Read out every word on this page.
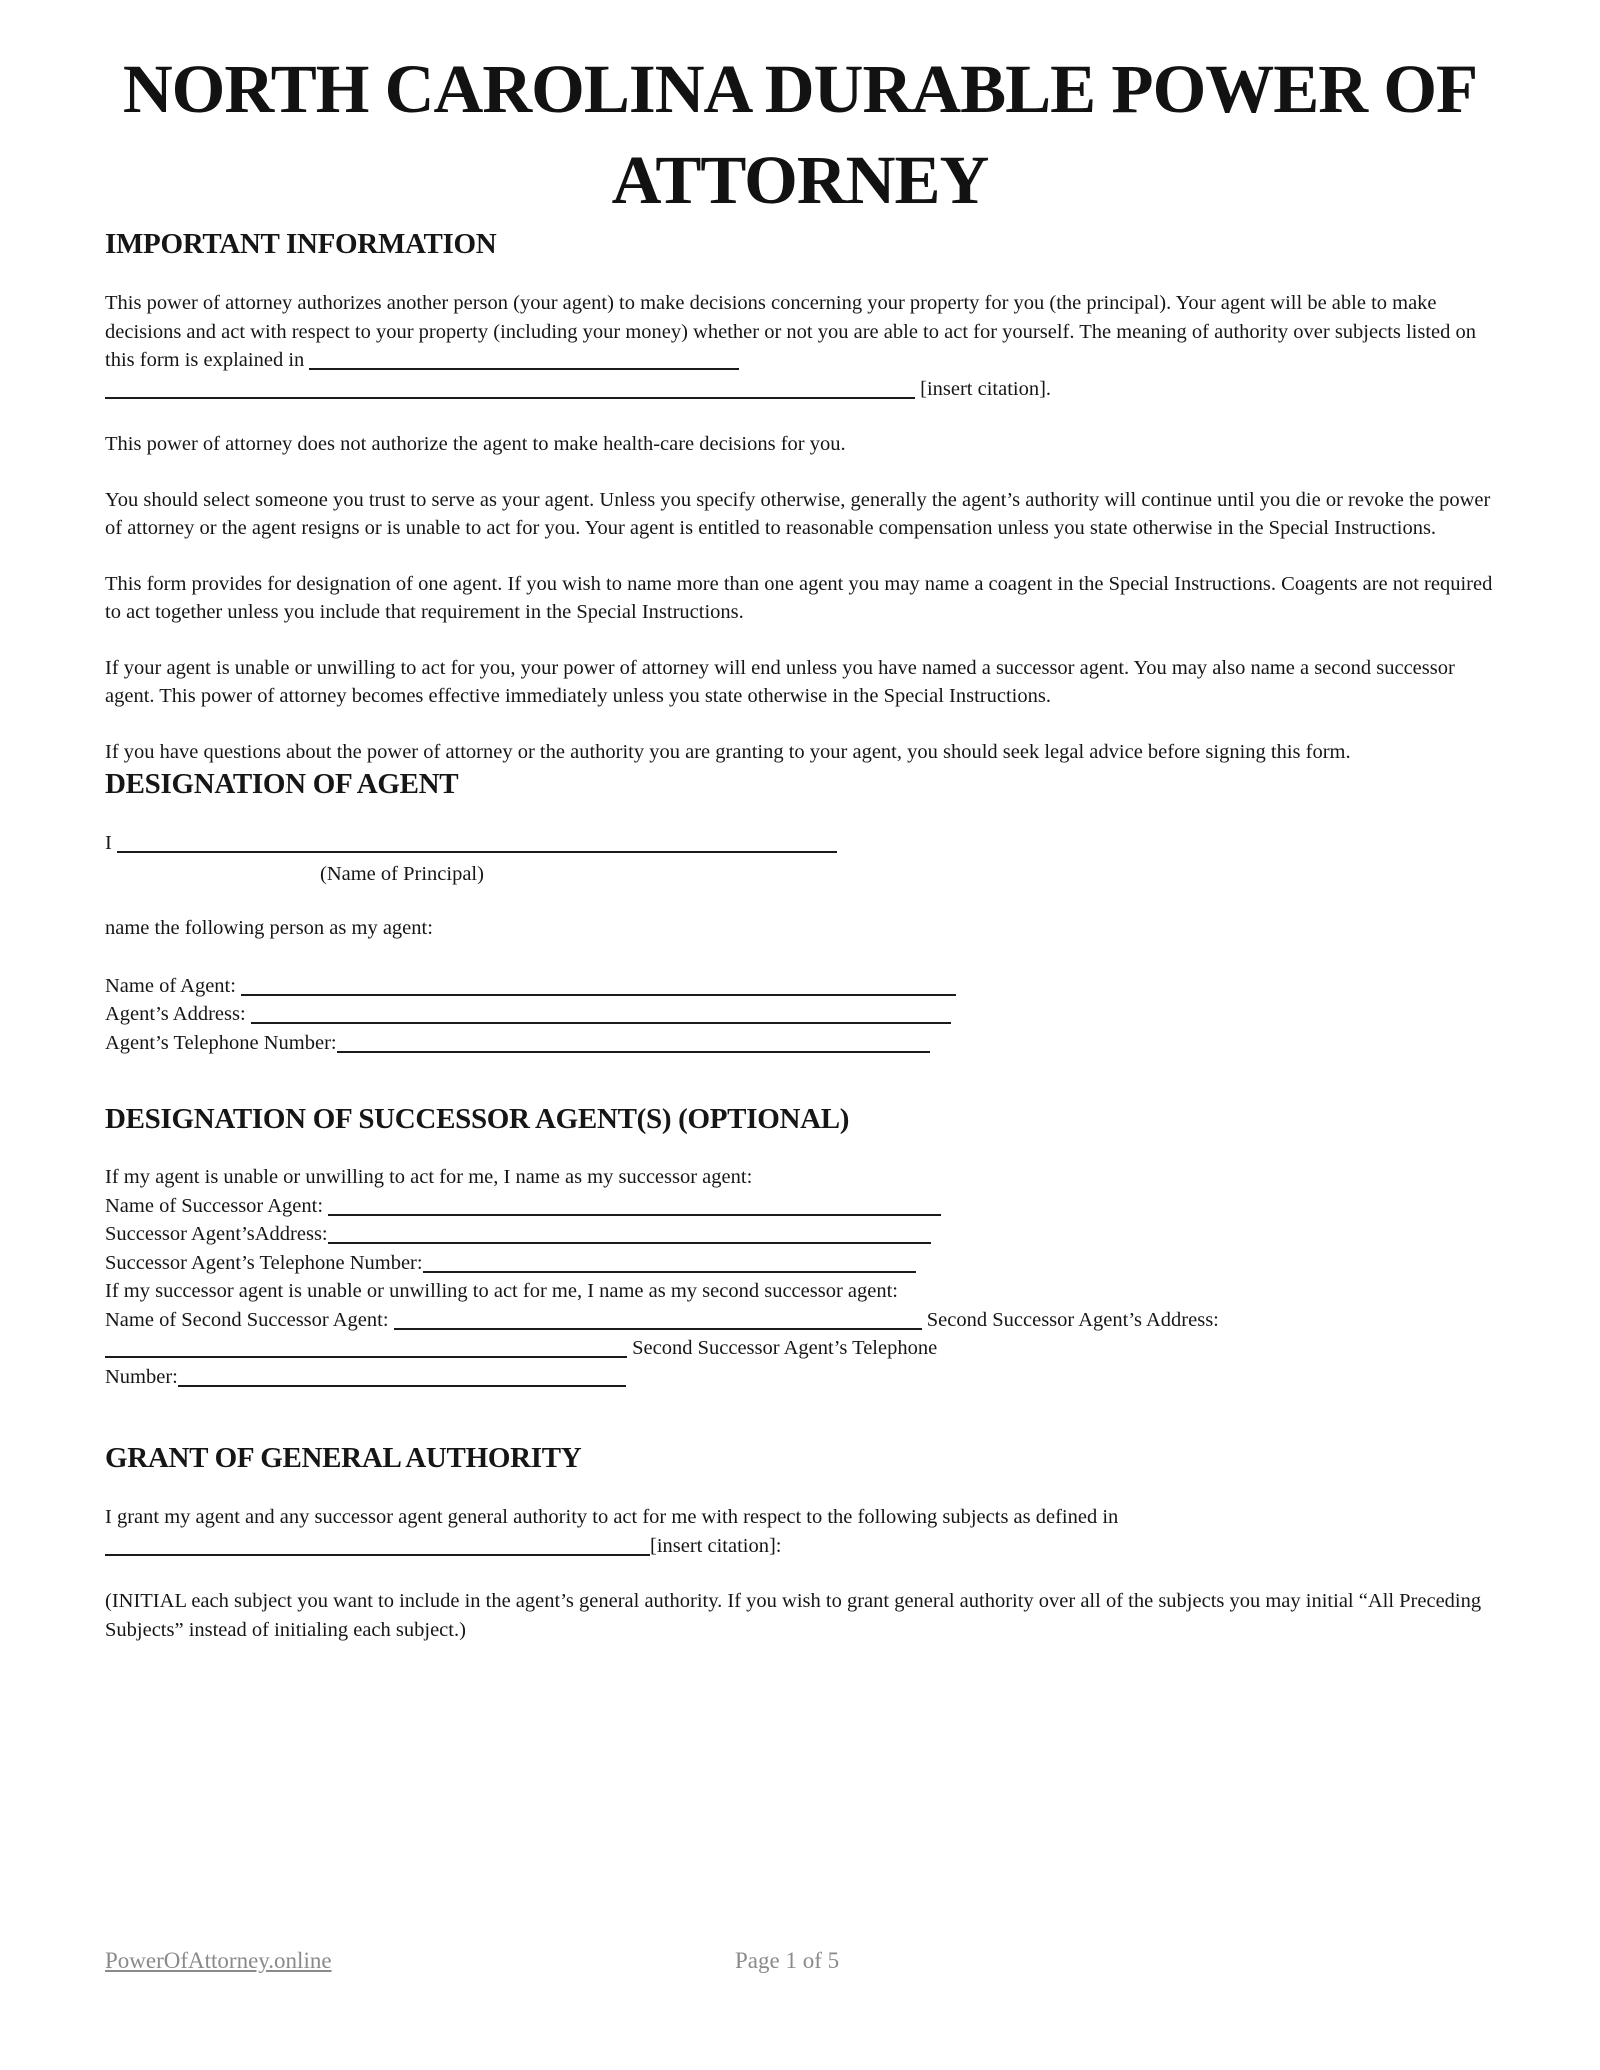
NORTH CAROLINA DURABLE POWER OF
ATTORNEY
IMPORTANT INFORMATION

This power of attorney authorizes another person (your agent) to make decisions concerning your property for you (the principal). Your agent will be able to make decisions and act with respect to your property (including your money) whether or not you are able to act for yourself. The meaning of authority over subjects listed on this form is explained in
[insert citation].

This power of attorney does not authorize the agent to make health-care decisions for you.

You should select someone you trust to serve as your agent. Unless you specify otherwise, generally the agent’s authority will continue until you die or revoke the power of attorney or the agent resigns or is unable to act for you. Your agent is entitled to reasonable compensation unless you state otherwise in the Special Instructions.

This form provides for designation of one agent. If you wish to name more than one agent you may name a coagent in the Special Instructions. Coagents are not required to act together unless you include that requirement in the Special Instructions.

If your agent is unable or unwilling to act for you, your power of attorney will end unless you have named a successor agent. You may also name a second successor agent. This power of attorney becomes effective immediately unless you state otherwise in the Special Instructions.

If you have questions about the power of attorney or the authority you are granting to your agent, you should seek legal advice before signing this form.

DESIGNATION OF AGENT
I
(Name of Principal)

name the following person as my agent:

Name of Agent:
Agent’s Address:
Agent’s Telephone Number:
DESIGNATION OF SUCCESSOR AGENT(S) (OPTIONAL)
If my agent is unable or unwilling to act for me, I name as my successor agent:
Name of Successor Agent:
Successor Agent’sAddress:
Successor Agent’s Telephone Number:
If my successor agent is unable or unwilling to act for me, I name as my second successor agent:
Name of Second Successor Agent:	Second Successor Agent’s Address:
Second Successor Agent’s Telephone
Number:
GRANT OF GENERAL AUTHORITY

I grant my agent and any successor agent general authority to act for me with respect to the following subjects as defined in
[insert citation]:

(INITIAL each subject you want to include in the agent’s general authority. If you wish to grant general authority over all of the subjects you may initial “All Preceding Subjects” instead of initialing each subject.)

PowerOfAttorney.online	Page 1 of 5
